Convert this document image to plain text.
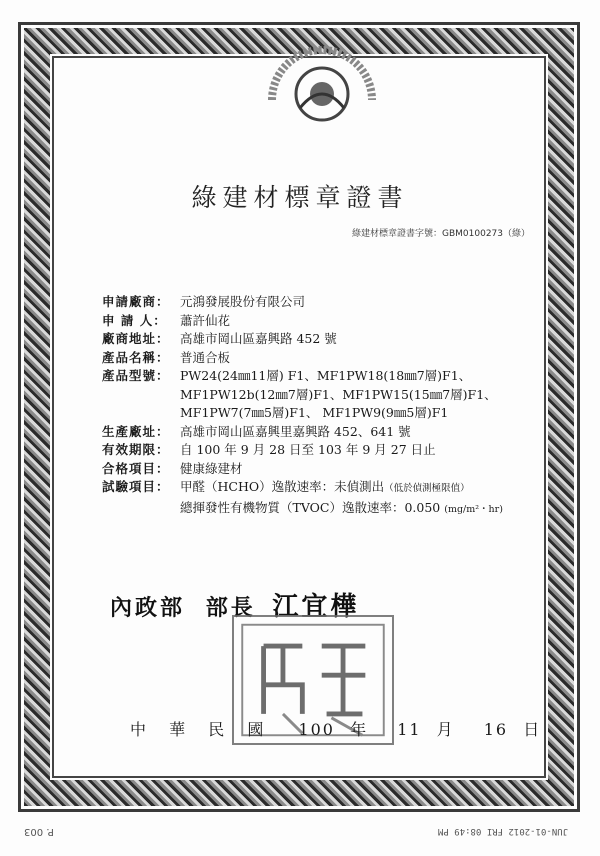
綠建材標章證書
綠建材標章證書字號：GBM0100273（綠）
申請廠商： 元鴻發展股份有限公司
申 請 人：	蕭許仙花
廠商地址： 高雄市岡山區嘉興路 452 號
產品名稱： 普通合板
產品型號： PW24(24㎜11層) F1、MF1PW18(18㎜7層)F1、
MF1PW12b(12㎜7層)F1、MF1PW15(15㎜7層)F1、
MF1PW7(7㎜5層)F1、 MF1PW9(9㎜5層)F1
生產廠址： 高雄市岡山區嘉興里嘉興路 452、641 號
有效期限： 自 100 年 9 月 28 日至 103 年 9 月 27 日止
合格項目： 健康綠建材
試驗項目： 甲醛（HCHO）逸散速率：未偵測出（低於偵測極限值）
總揮發性有機物質（TVOC）逸散速率：0.050 (mg/m²・hr)
內政部 部長 江宜樺
中 華 民 國 100 年 11 月 16 日
JUN-01-2012 FRI 08:49 PM
P. 003
